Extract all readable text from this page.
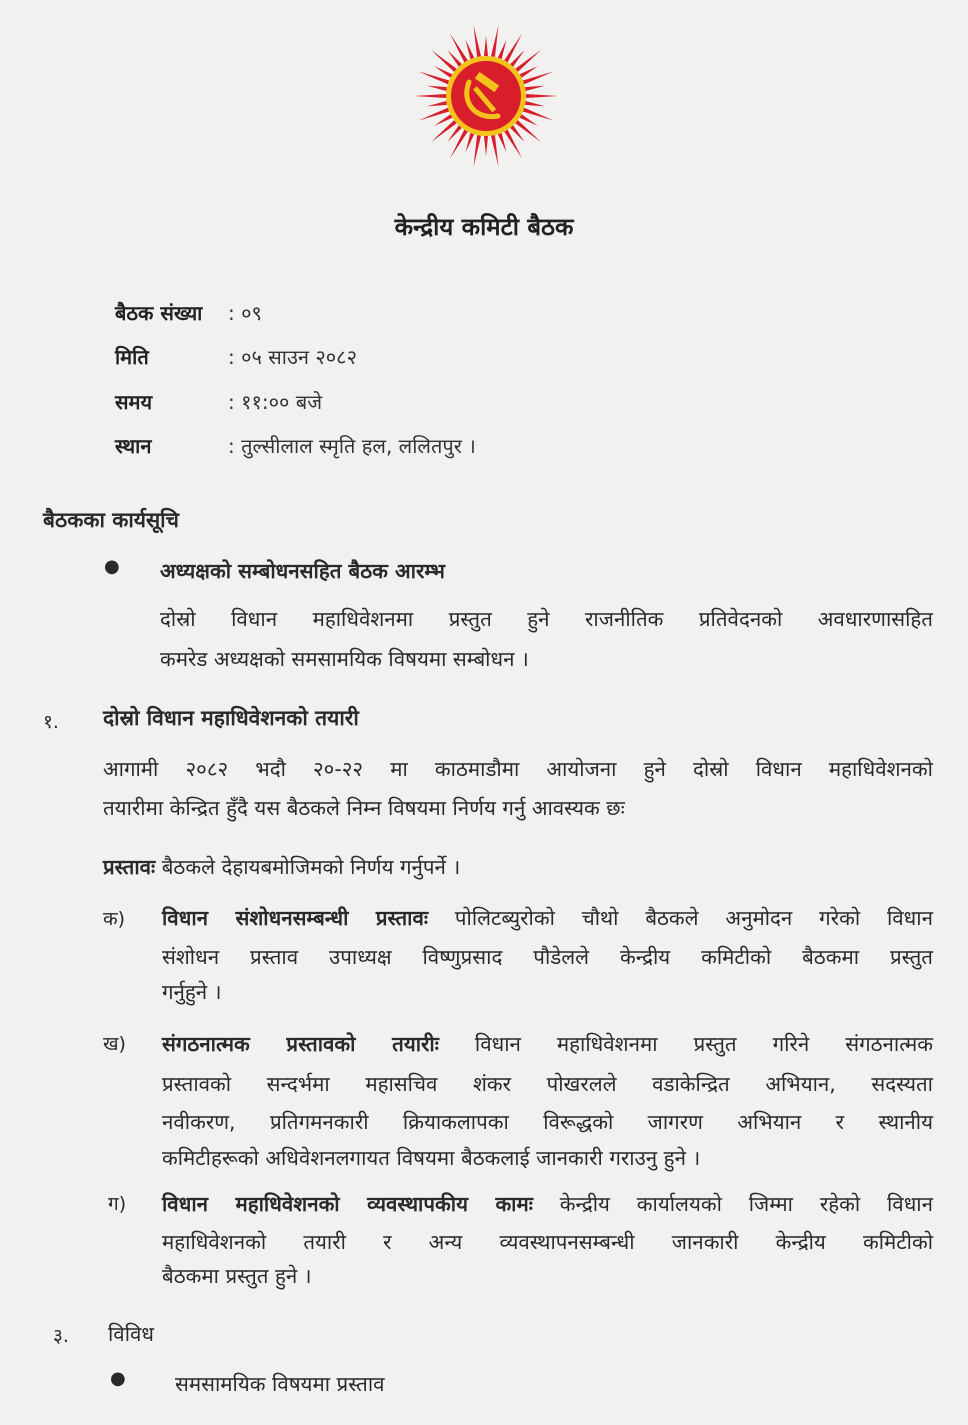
केन्द्रीय कमिटी बैठक
बैठक संख्या	: ०९
मिति	: ०५ साउन २०८२
समय	: ११:०० बजे
स्थान	: तुल्सीलाल स्मृति हल, ललितपुर ।
बैठकका कार्यसूचि
● अध्यक्षको सम्बोधनसहित बैठक आरम्भ
दोस्रो विधान महाधिवेशनमा प्रस्तुत हुने राजनीतिक प्रतिवेदनको अवधारणासहित
कमरेड अध्यक्षको समसामयिक विषयमा सम्बोधन ।
१. दोस्रो विधान महाधिवेशनको तयारी
आगामी २०८२ भदौ २०-२२ मा काठमाडौमा आयोजना हुने दोस्रो विधान महाधिवेशनको
तयारीमा केन्द्रित हुँदै यस बैठकले निम्न विषयमा निर्णय गर्नु आवस्यक छः
प्रस्तावः बैठकले देहायबमोजिमको निर्णय गर्नुपर्ने ।
क) विधान संशोधनसम्बन्धी प्रस्तावः पोलिटब्युरोको चौथो बैठकले अनुमोदन गरेको विधान
संशोधन प्रस्ताव उपाध्यक्ष विष्णुप्रसाद पौडेलले केन्द्रीय कमिटीको बैठकमा प्रस्तुत
गर्नुहुने ।
ख) संगठनात्मक प्रस्तावको तयारीः विधान महाधिवेशनमा प्रस्तुत गरिने संगठनात्मक
प्रस्तावको सन्दर्भमा महासचिव शंकर पोखरलले वडाकेन्द्रित अभियान, सदस्यता
नवीकरण, प्रतिगमनकारी क्रियाकलापका विरूद्धको जागरण अभियान र स्थानीय
कमिटीहरूको अधिवेशनलगायत विषयमा बैठकलाई जानकारी गराउनु हुने ।
ग) विधान महाधिवेशनको व्यवस्थापकीय कामः केन्द्रीय कार्यालयको जिम्मा रहेको विधान
महाधिवेशनको तयारी र अन्य व्यवस्थापनसम्बन्धी जानकारी केन्द्रीय कमिटीको
बैठकमा प्रस्तुत हुने ।
३. विविध
● समसामयिक विषयमा प्रस्ताव
